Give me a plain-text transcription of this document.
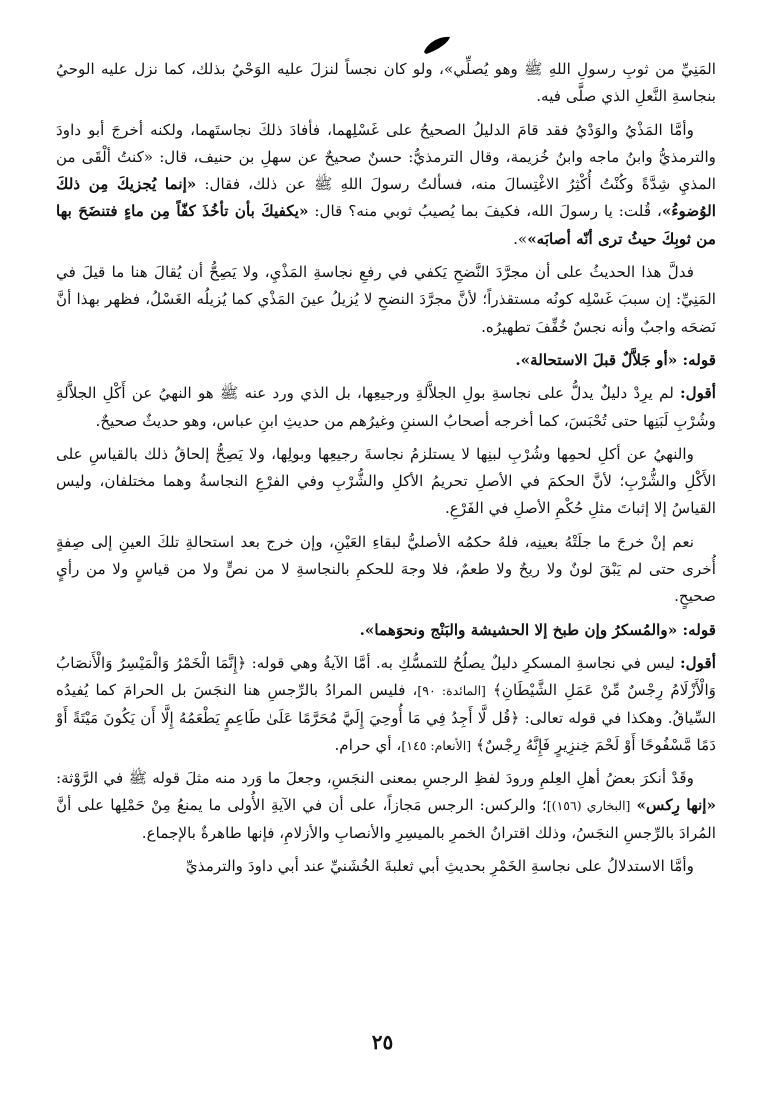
المَنِيِّ من ثوبِ رسولِ اللهِ ﷺ وهو يُصلِّي»، ولو كان نجساً لنزلَ عليه الوَحْيُ بذلك، كما نزل عليه الوحيُ بنجاسةِ النَّعلِ الذي صلَّى فيه.

وأمَّا المَذْيُ والوَدْيُ فقد قامَ الدليلُ الصحيحُ على غَسْلِهما، فأفادَ ذلكَ نجاستَهما، ولكنه أخرجَ أبو داودَ والترمذيُّ وابنُ ماجه وابنُ خُزيمة، وقال الترمذيُّ: حسنٌ صحيحٌ عن سهلِ بن حنيف، قال: «كنتُ ألْقَى من المذيِ شِدَّةً وكُنْتُ أُكْثِرُ الاغْتِسالَ منه، فسألتُ رسولَ اللهِ ﷺ عن ذلك، فقال: «إنما يُجزيكَ مِن ذلكَ الوُضوءُ»، قُلت: يا رسولَ الله، فكيفَ بما يُصيبُ ثوبي منه؟ قال: «يكفيكَ بأن تأخُذَ كفّاً مِن ماءٍ فتنضَحَ بها من ثوبِكَ حيثُ ترى أنّه أصابَه»».

فدلَّ هذا الحديثُ على أن مجرَّدَ النَّضحِ يَكفي في رفعِ نجاسةِ المَذْيِ، ولا يَصِحُّ أن يُقالَ هنا ما قيلَ في المَنِيِّ: إن سببَ غَسْلِه كونُه مستقذراً؛ لأنَّ مجرَّدَ النضحِ لا يُزيلُ عينَ المَذْي كما يُزيلُه الغَسْلُ، فظهر بهذا أنَّ نَضحَه واجبٌ وأنه نجسٌ خُفِّفَ تطهيرُه.

قوله: «أو جَلاَّلٌ قبلَ الاستحالة».

أقول: لم يرِدْ دليلٌ يدلُّ على نجاسةِ بولِ الجلاَّلةِ ورجيعِها، بل الذي ورد عنه ﷺ هو النهيُ عن أَكْلِ الجلاَّلةِ وشُرْبِ لَبَنِها حتى تُحْبَسَ، كما أخرجه أصحابُ السننِ وغيرُهم من حديثِ ابنِ عباس، وهو حديثٌ صحيحٌ.

والنهيُ عن أكلِ لحمِها وشُرْبِ لبنِها لا يستلزمُ نجاسةَ رجيعِها وبولِها، ولا يَصِحُّ إلحاقُ ذلك بالقياسِ على الأَكْلِ والشُّرْبِ؛ لأنَّ الحكمَ في الأصلِ تحريمُ الأكلِ والشُّرْبِ وفي الفرْعِ النجاسةُ وهما مختلفان، وليس القياسُ إلا إثباتَ مثلِ حُكْمِ الأصلِ في الفَرْعِ.

نعم إنْ خرجَ ما جلَتْهُ بعينِه، فلهُ حكمُه الأصليُّ لبقاءِ العَيْنِ، وإن خرج بعد استحالةِ تلكَ العينِ إلى صِفةٍ أُخرى حتى لم يَبْقَ لونٌ ولا ريحٌ ولا طعمٌ، فلا وجهَ للحكمِ بالنجاسةِ لا من نصٍّ ولا من قياسٍ ولا من رأيٍ صحيحٍ.

قوله: «والمُسكرُ وإن طبخ إلا الحشيشة والبَنْج ونحوَهما».

أقول: ليس في نجاسةِ المسكرِ دليلٌ يصلُحُ للتمسُّكِ به. أمَّا الآيةُ وهي قوله: ﴿إِنَّمَا الْخَمْرُ وَالْمَيْسِرُ وَالْأَنصَابُ وَالْأَزْلَامُ رِجْسٌ مِّنْ عَمَلِ الشَّيْطَانِ﴾ [المائدة: ٩٠]، فليس المرادُ بالرِّجسِ هنا النجَسَ بل الحرامَ كما يُفيدُه السِّياقُ. وهكذا في قوله تعالى: ﴿قُل لَّا أَجِدُ فِي مَا أُوحِيَ إِلَيَّ مُحَرَّمًا عَلَىٰ طَاعِمٍ يَطْعَمُهُ إِلَّا أَن يَكُونَ مَيْتَةً أَوْ دَمًا مَّسْفُوحًا أَوْ لَحْمَ خِنزِيرٍ فَإِنَّهُ رِجْسٌ﴾ [الأنعام: ١٤٥]، أي حرام.

وقَدْ أنكرَ بعضُ أهلِ العِلمِ ورودَ لفظِ الرجسِ بمعنى النجَسِ، وجعلَ ما وَرد منه مثلَ قوله ﷺ في الرَّوْثة: «إنها رِكس» [البخاري (١٥٦)]؛ والركس: الرجس مَجازاً، على أن في الآيةِ الأُولى ما يمنعُ مِنْ حَمْلِها على أنَّ المُرادَ بالرِّجسِ النجَسُ، وذلك اقترانُ الخمرِ بالميسِرِ والأنصابِ والأزلامِ، فإنها طاهرةٌ بالإجماع.

وأمَّا الاستدلالُ على نجاسةِ الخَمْرِ بحديثِ أبي ثعلبةَ الخُشَنيِّ عند أبي داودَ والترمذيِّ

٢٥
